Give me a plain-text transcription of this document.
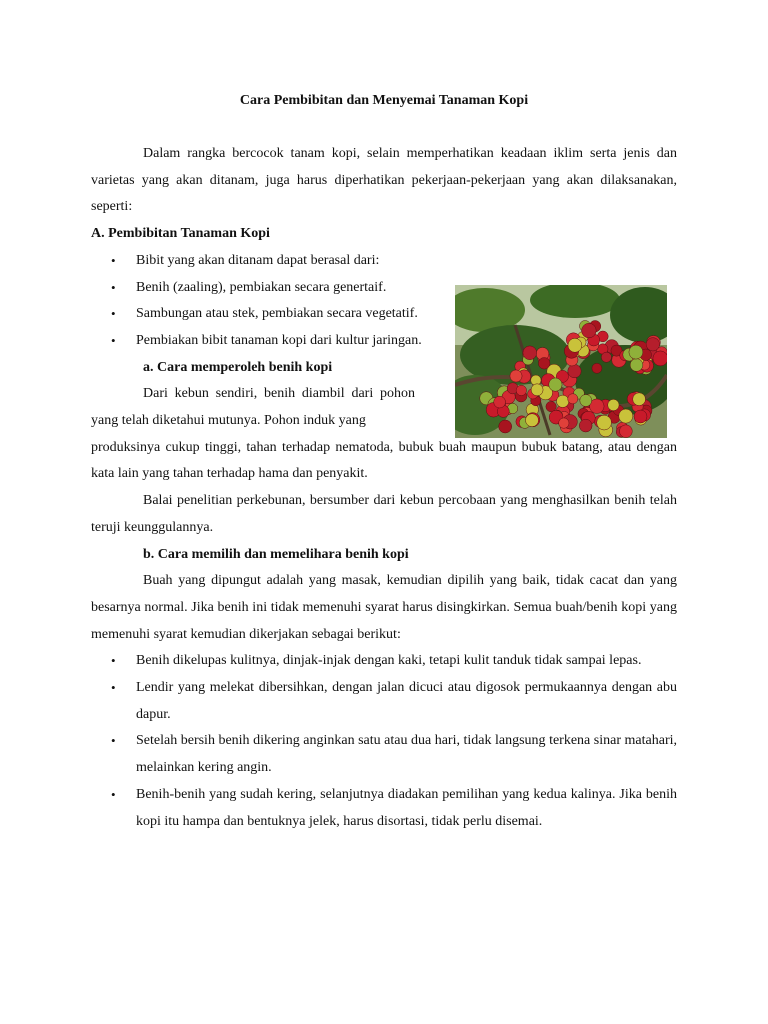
Cara Pembibitan dan Menyemai Tanaman Kopi

Dalam rangka bercocok tanam kopi, selain memperhatikan keadaan iklim serta jenis dan varietas yang akan ditanam, juga harus diperhatikan pekerjaan-pekerjaan yang akan dilaksanakan, seperti:

A. Pembibitan Tanaman Kopi
• Bibit yang akan ditanam dapat berasal dari:
• Benih (zaaling), pembiakan secara genertaif.
• Sambungan atau stek, pembiakan secara vegetatif.
• Pembiakan bibit tanaman kopi dari kultur jaringan.
a. Cara memperoleh benih kopi

Dari kebun sendiri, benih diambil dari pohon yang telah diketahui mutunya. Pohon induk yang

produksinya cukup tinggi, tahan terhadap nematoda, bubuk buah maupun bubuk batang, atau dengan kata lain yang tahan terhadap hama dan penyakit.

Balai penelitian perkebunan, bersumber dari kebun percobaan yang menghasilkan benih telah teruji keunggulannya.

b. Cara memilih dan memelihara benih kopi

Buah yang dipungut adalah yang masak, kemudian dipilih yang baik, tidak cacat dan yang besarnya normal. Jika benih ini tidak memenuhi syarat harus disingkirkan. Semua buah/benih kopi yang memenuhi syarat kemudian dikerjakan sebagai berikut:

• Benih dikelupas kulitnya, dinjak-injak dengan kaki, tetapi kulit tanduk tidak sampai lepas.
• Lendir yang melekat dibersihkan, dengan jalan dicuci atau digosok permukaannya dengan abu dapur.
• Setelah bersih benih dikering anginkan satu atau dua hari, tidak langsung terkena sinar matahari, melainkan kering angin.
• Benih-benih yang sudah kering, selanjutnya diadakan pemilihan yang kedua kalinya. Jika benih kopi itu hampa dan bentuknya jelek, harus disortasi, tidak perlu disemai.
